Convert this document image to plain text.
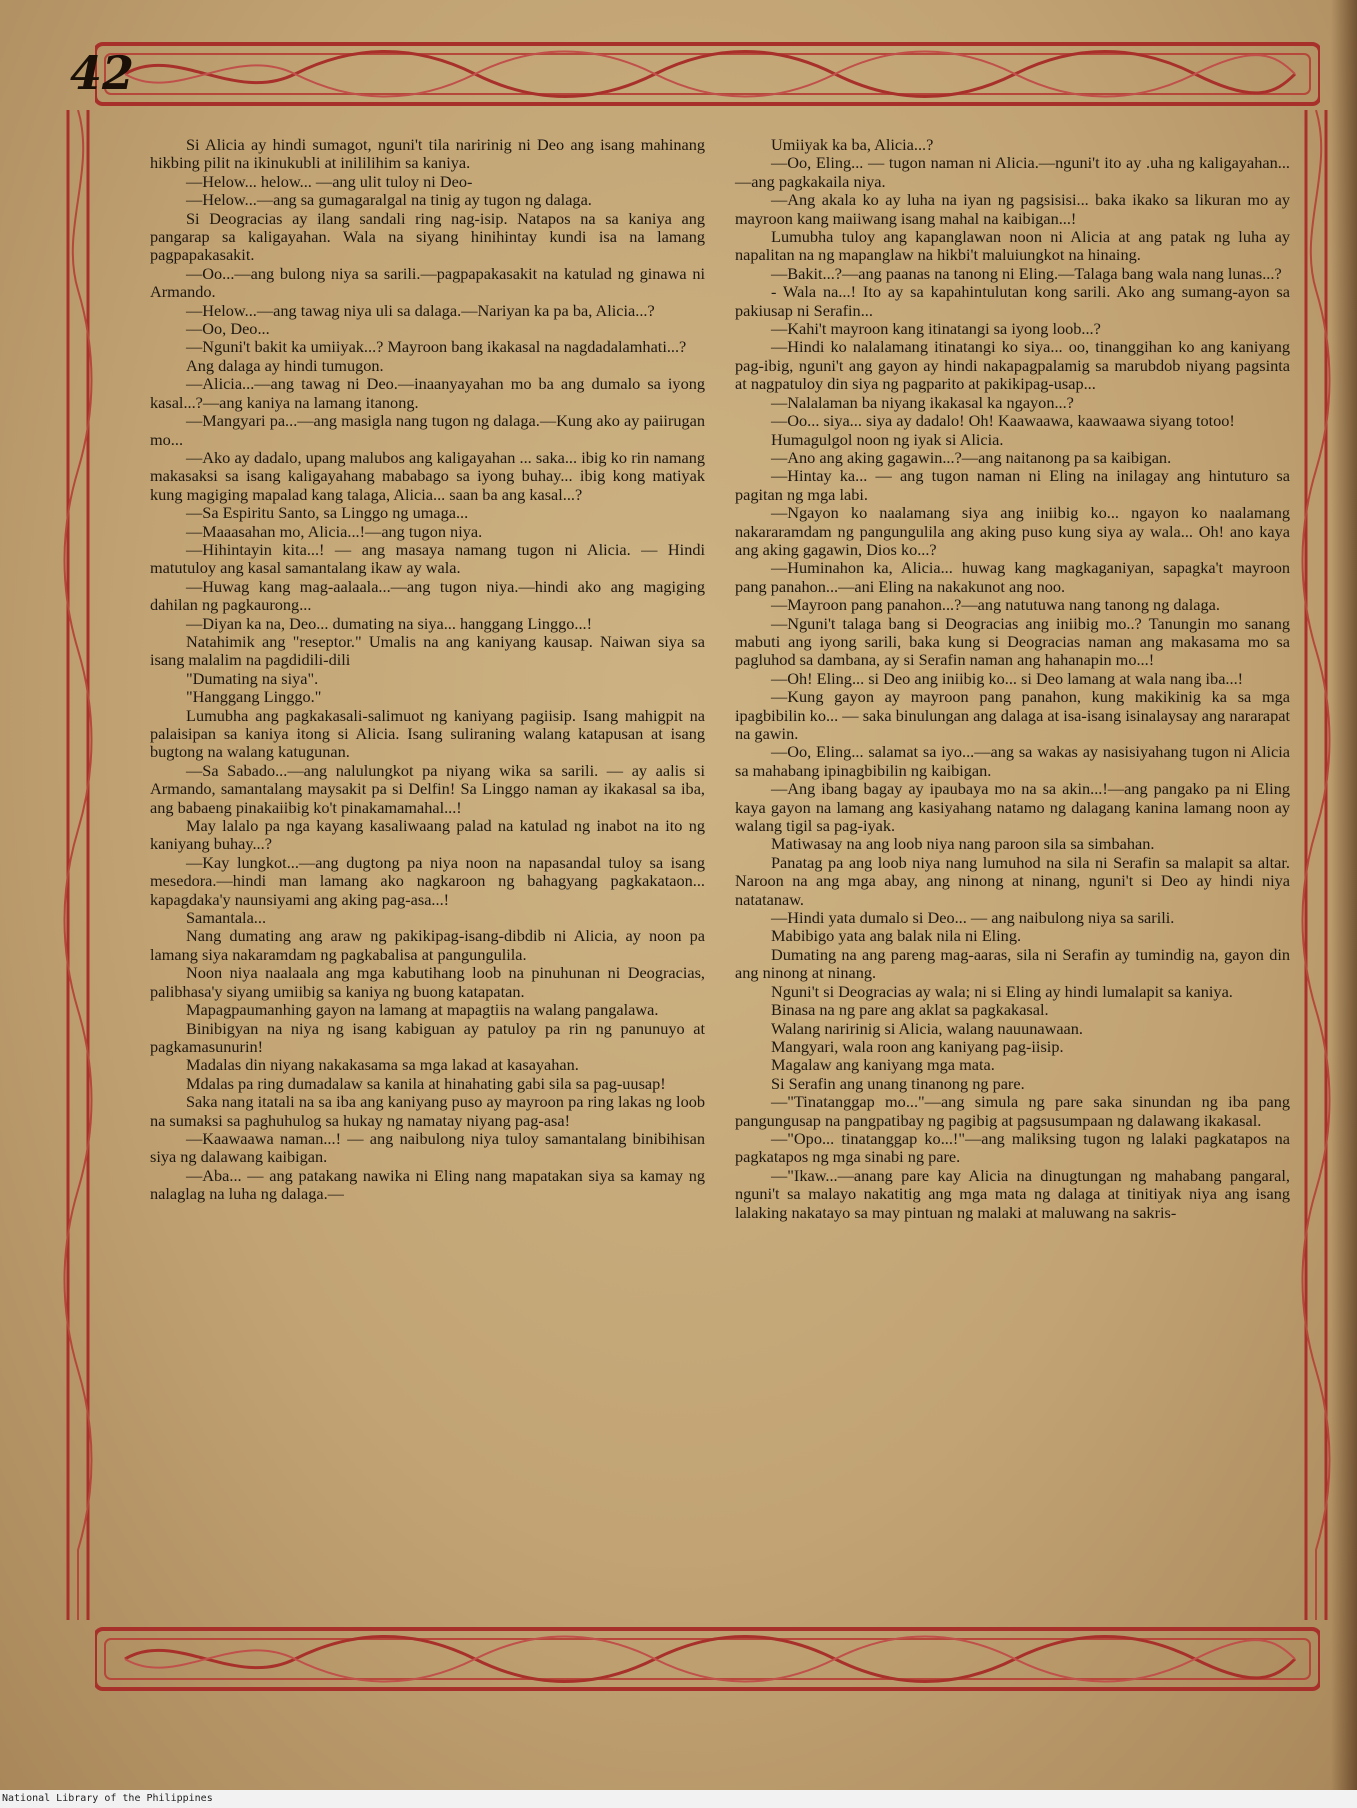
42

Si Alicia ay hindi sumagot, nguni't tila naririnig ni Deo ang isang mahinang hikbing pilit na ikinukubli at inililihim sa kaniya.

—Helow... helow... —ang ulit tuloy ni Deo-

—Helow...—ang sa gumagaralgal na tinig ay tugon ng dalaga.

Si Deogracias ay ilang sandali ring nag-isip. Natapos na sa kaniya ang pangarap sa kaligayahan. Wala na siyang hinihintay kundi isa na lamang pagpapakasakit.

—Oo...—ang bulong niya sa sarili.—pagpapakasakit na katulad ng ginawa ni Armando.

—Helow...—ang tawag niya uli sa dalaga.—Nariyan ka pa ba, Alicia...?

—Oo, Deo...

—Nguni't bakit ka umiiyak...? Mayroon bang ikakasal na nagdadalamhati...?

Ang dalaga ay hindi tumugon.

—Alicia...—ang tawag ni Deo.—inaanyayahan mo ba ang dumalo sa iyong kasal...?—ang kaniya na lamang itanong.

—Mangyari pa...—ang masigla nang tugon ng dalaga.—Kung ako ay paiirugan mo...

—Ako ay dadalo, upang malubos ang kaligayahan ... saka... ibig ko rin namang makasaksi sa isang kaligayahang mababago sa iyong buhay... ibig kong matiyak kung magiging mapalad kang talaga, Alicia... saan ba ang kasal...?

—Sa Espiritu Santo, sa Linggo ng umaga...

—Maaasahan mo, Alicia...!—ang tugon niya.

—Hihintayin kita...! — ang masaya namang tugon ni Alicia. — Hindi matutuloy ang kasal samantalang ikaw ay wala.

—Huwag kang mag-aalaala...—ang tugon niya.—hindi ako ang magiging dahilan ng pagkaurong...

—Diyan ka na, Deo... dumating na siya... hanggang Linggo...!

Natahimik ang "reseptor." Umalis na ang kaniyang kausap. Naiwan siya sa isang malalim na pagdidili-dili

"Dumating na siya".

"Hanggang Linggo."

Lumubha ang pagkakasali-salimuot ng kaniyang pagiisip. Isang mahigpit na palaisipan sa kaniya itong si Alicia. Isang suliraning walang katapusan at isang bugtong na walang katugunan.

—Sa Sabado...—ang nalulungkot pa niyang wika sa sarili. — ay aalis si Armando, samantalang maysakit pa si Delfin! Sa Linggo naman ay ikakasal sa iba, ang babaeng pinakaiibig ko't pinakamamahal...!

May lalalo pa nga kayang kasaliwaang palad na katulad ng inabot na ito ng kaniyang buhay...?

—Kay lungkot...—ang dugtong pa niya noon na napasandal tuloy sa isang mesedora.—hindi man lamang ako nagkaroon ng bahagyang pagkakataon... kapagdaka'y naunsiyami ang aking pag-asa...!

Samantala...

Nang dumating ang araw ng pakikipag-isang-dibdib ni Alicia, ay noon pa lamang siya nakaramdam ng pagkabalisa at pangungulila.

Noon niya naalaala ang mga kabutihang loob na pinuhunan ni Deogracias, palibhasa'y siyang umiibig sa kaniya ng buong katapatan.

Mapagpaumanhing gayon na lamang at mapagtiis na walang pangalawa.

Binibigyan na niya ng isang kabiguan ay patuloy pa rin ng panunuyo at pagkamasunurin!

Madalas din niyang nakakasama sa mga lakad at kasayahan.

Mdalas pa ring dumadalaw sa kanila at hinahating gabi sila sa pag-uusap!

Saka nang itatali na sa iba ang kaniyang puso ay mayroon pa ring lakas ng loob na sumaksi sa paghuhulog sa hukay ng namatay niyang pag-asa!

—Kaawaawa naman...! — ang naibulong niya tuloy samantalang binibihisan siya ng dalawang kaibigan.

—Aba... — ang patakang nawika ni Eling nang mapatakan siya sa kamay ng nalaglag na luha ng dalaga.—

Umiiyak ka ba, Alicia...?

—Oo, Eling... — tugon naman ni Alicia.—nguni't ito ay .uha ng kaligayahan...—ang pagkakaila niya.

—Ang akala ko ay luha na iyan ng pagsisisi... baka ikako sa likuran mo ay mayroon kang maiiwang isang mahal na kaibigan...!

Lumubha tuloy ang kapanglawan noon ni Alicia at ang patak ng luha ay napalitan na ng mapanglaw na hikbi't maluiungkot na hinaing.

—Bakit...?—ang paanas na tanong ni Eling.—Talaga bang wala nang lunas...?

- Wala na...! Ito ay sa kapahintulutan kong sarili. Ako ang sumang-ayon sa pakiusap ni Serafin...

—Kahi't mayroon kang itinatangi sa iyong loob...?

—Hindi ko nalalamang itinatangi ko siya... oo, tinanggihan ko ang kaniyang pag-ibig, nguni't ang gayon ay hindi nakapagpalamig sa marubdob niyang pagsinta at nagpatuloy din siya ng pagparito at pakikipag-usap...

—Nalalaman ba niyang ikakasal ka ngayon...?

—Oo... siya... siya ay dadalo! Oh! Kaawaawa, kaawaawa siyang totoo!

Humagulgol noon ng iyak si Alicia.

—Ano ang aking gagawin...?—ang naitanong pa sa kaibigan.

—Hintay ka... — ang tugon naman ni Eling na inilagay ang hintuturo sa pagitan ng mga labi.

—Ngayon ko naalamang siya ang iniibig ko... ngayon ko naalamang nakararamdam ng pangungulila ang aking puso kung siya ay wala... Oh! ano kaya ang aking gagawin, Dios ko...?

—Huminahon ka, Alicia... huwag kang magkaganiyan, sapagka't mayroon pang panahon...—ani Eling na nakakunot ang noo.

—Mayroon pang panahon...?—ang natutuwa nang tanong ng dalaga.

—Nguni't talaga bang si Deogracias ang iniibig mo..? Tanungin mo sanang mabuti ang iyong sarili, baka kung si Deogracias naman ang makasama mo sa pagluhod sa dambana, ay si Serafin naman ang hahanapin mo...!

—Oh! Eling... si Deo ang iniibig ko... si Deo lamang at wala nang iba...!

—Kung gayon ay mayroon pang panahon, kung makikinig ka sa mga ipagbibilin ko... — saka binulungan ang dalaga at isa-isang isinalaysay ang nararapat na gawin.

—Oo, Eling... salamat sa iyo...—ang sa wakas ay nasisiyahang tugon ni Alicia sa mahabang ipinagbibilin ng kaibigan.

—Ang ibang bagay ay ipaubaya mo na sa akin...!—ang pangako pa ni Eling kaya gayon na lamang ang kasiyahang natamo ng dalagang kanina lamang noon ay walang tigil sa pag-iyak.

Matiwasay na ang loob niya nang paroon sila sa simbahan.

Panatag pa ang loob niya nang lumuhod na sila ni Serafin sa malapit sa altar. Naroon na ang mga abay, ang ninong at ninang, nguni't si Deo ay hindi niya natatanaw.

—Hindi yata dumalo si Deo... — ang naibulong niya sa sarili.

Mabibigo yata ang balak nila ni Eling.

Dumating na ang pareng mag-aaras, sila ni Serafin ay tumindig na, gayon din ang ninong at ninang.

Nguni't si Deogracias ay wala; ni si Eling ay hindi lumalapit sa kaniya.

Binasa na ng pare ang aklat sa pagkakasal.

Walang naririnig si Alicia, walang nauunawaan.

Mangyari, wala roon ang kaniyang pag-iisip.

Magalaw ang kaniyang mga mata.

Si Serafin ang unang tinanong ng pare.

—"Tinatanggap mo..."—ang simula ng pare saka sinundan ng iba pang pangungusap na pangpatibay ng pagibig at pagsusumpaan ng dalawang ikakasal.

—"Opo... tinatanggap ko...!"—ang maliksing tugon ng lalaki pagkatapos na pagkatapos ng mga sinabi ng pare.

—"Ikaw...—anang pare kay Alicia na dinugtungan ng mahabang pangaral, nguni't sa malayo nakatitig ang mga mata ng dalaga at tinitiyak niya ang isang lalaking nakatayo sa may pintuan ng malaki at maluwang na sakris-

National Library of the Philippines
